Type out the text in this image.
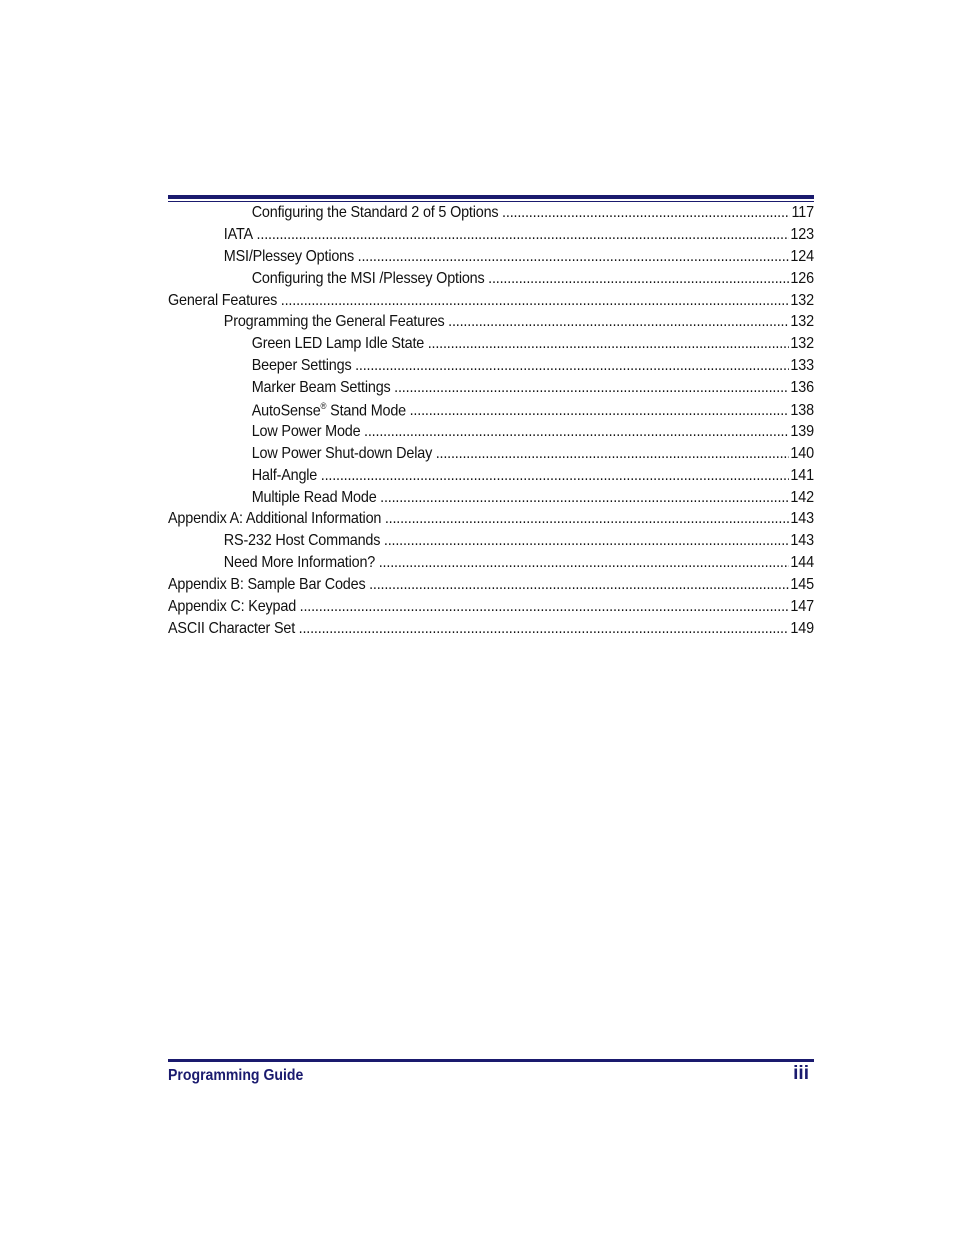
Configuring the Standard 2 of 5 Options .....	117
IATA .....	123
MSI/Plessey Options .....	124
Configuring the MSI /Plessey Options .....	126
General Features .....	132
Programming the General Features .....	132
Green LED Lamp Idle State .....	132
Beeper Settings .....	133
Marker Beam Settings .....	136
AutoSense® Stand Mode .....	138
Low Power Mode .....	139
Low Power Shut-down Delay .....	140
Half-Angle .....	141
Multiple Read Mode .....	142
Appendix A: Additional Information .....	143
RS-232 Host Commands .....	143
Need More Information? .....	144
Appendix B: Sample Bar Codes .....	145
Appendix C: Keypad .....	147
ASCII Character Set .....	149
Programming Guide	iii
